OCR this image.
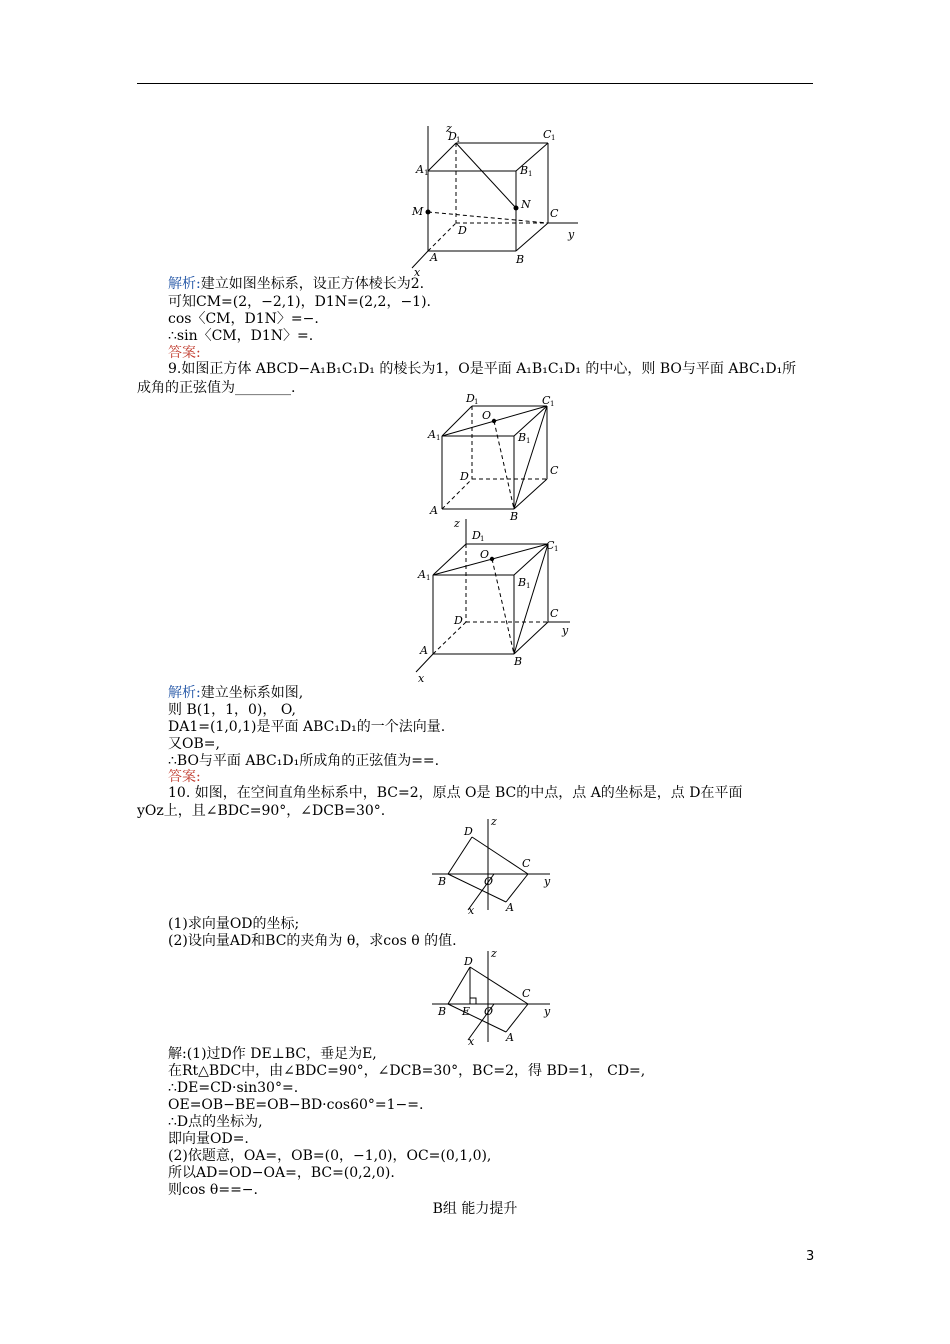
z
D 1	C 1
A 1	B 1
M
N
C
D	y
A	B
x
解析:建立如图坐标系，设正方体棱长为2.
可知CM=(2，−2,1)，D1N=(2,2，−1).
cos〈CM，D1N〉=−.
∴sin〈CM，D1N〉=.
答案:
9.如图正方体 ABCD−A₁B₁C₁D₁ 的棱长为1，O是平面 A₁B₁C₁D₁ 的中心，则 BO与平面 ABC₁D₁所
成角的正弦值为________.
D 1
O
C 1
A 1	B 1
C
D
A	B
z
D 1
O
C 1
A 1	B 1
C
D
y
A
B
x
解析:建立坐标系如图,
则 B(1，1，0)， O,
DA1=(1,0,1)是平面 ABC₁D₁的一个法向量.
又OB=,
∴BO与平面 ABC₁D₁所成角的正弦值为==.
答案:
10. 如图，在空间直角坐标系中，BC=2，原点 O是 BC的中点，点 A的坐标是，点 D在平面
yOz上，且∠BDC=90°，∠DCB=30°.
z
D
C
B	O	y
x	A
(1)求向量OD的坐标;
(2)设向量AD和BC的夹角为 θ，求cos θ 的值.
z
D
C
B E O	y
x	A
解:(1)过D作 DE⊥BC，垂足为E,
在Rt△BDC中，由∠BDC=90°，∠DCB=30°，BC=2，得 BD=1， CD=,
∴DE=CD·sin30°=.
OE=OB−BE=OB−BD·cos60°=1−=.
∴D点的坐标为,
即向量OD=.
(2)依题意，OA=，OB=(0，−1,0)，OC=(0,1,0),
所以AD=OD−OA=，BC=(0,2,0).
则cos θ==−.
B组 能力提升
3
